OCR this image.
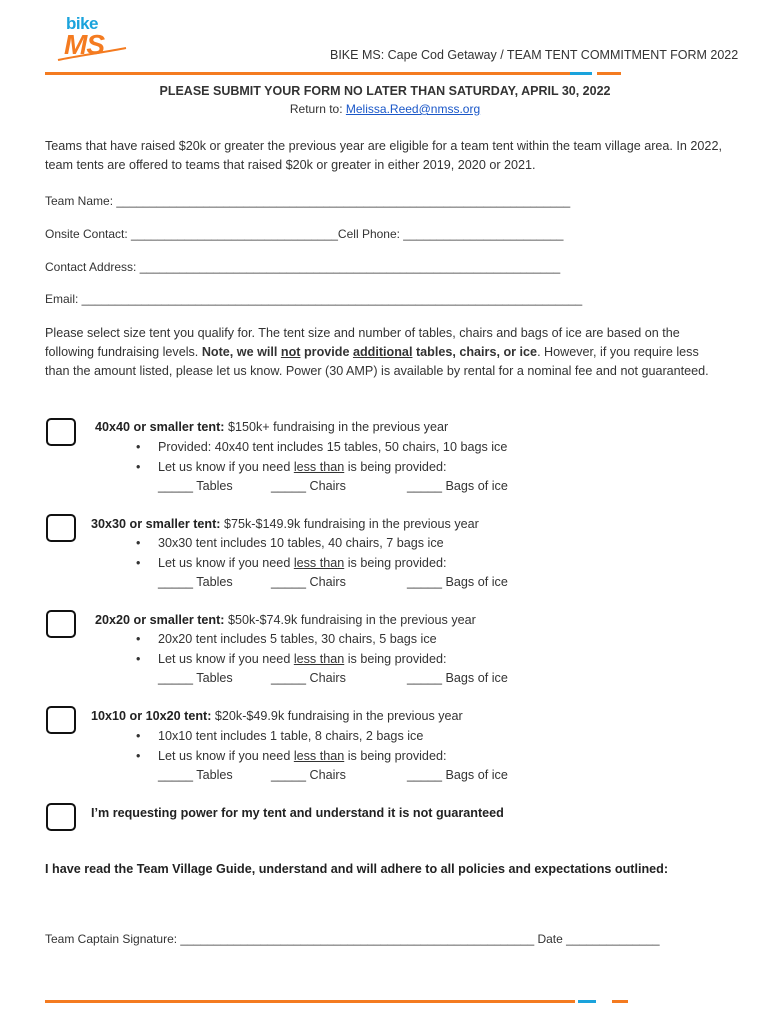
bike
MS	BIKE MS: Cape Cod Getaway / TEAM TENT COMMITMENT FORM 2022
PLEASE SUBMIT YOUR FORM NO LATER THAN SATURDAY, APRIL 30, 2022
Return to: Melissa.Reed@nmss.org
Teams that have raised $20k or greater the previous year are eligible for a team tent within the team village area. In 2022, team tents are offered to teams that raised $20k or greater in either 2019, 2020 or 2021.
Team Name: ____________________________________________________________________
Onsite Contact: _______________________________Cell Phone: ________________________
Contact Address: _______________________________________________________________
Email: ___________________________________________________________________________
Please select size tent you qualify for. The tent size and number of tables, chairs and bags of ice are based on the following fundraising levels. Note, we will not provide additional tables, chairs, or ice. However, if you require less than the amount listed, please let us know. Power (30 AMP) is available by rental for a nominal fee and not guaranteed.
40x40 or smaller tent: $150k+ fundraising in the previous year
• Provided: 40x40 tent includes 15 tables, 50 chairs, 10 bags ice
• Let us know if you need less than is being provided:
_____ Tables	_____ Chairs	_____ Bags of ice
30x30 or smaller tent: $75k-$149.9k fundraising in the previous year
• 30x30 tent includes 10 tables, 40 chairs, 7 bags ice
• Let us know if you need less than is being provided:
_____ Tables	_____ Chairs	_____ Bags of ice
20x20 or smaller tent: $50k-$74.9k fundraising in the previous year
• 20x20 tent includes 5 tables, 30 chairs, 5 bags ice
• Let us know if you need less than is being provided:
_____ Tables	_____ Chairs	_____ Bags of ice
10x10 or 10x20 tent: $20k-$49.9k fundraising in the previous year
• 10x10 tent includes 1 table, 8 chairs, 2 bags ice
• Let us know if you need less than is being provided:
_____ Tables	_____ Chairs	_____ Bags of ice
I’m requesting power for my tent and understand it is not guaranteed
I have read the Team Village Guide, understand and will adhere to all policies and expectations outlined:
Team Captain Signature: _____________________________________________________ Date ______________
